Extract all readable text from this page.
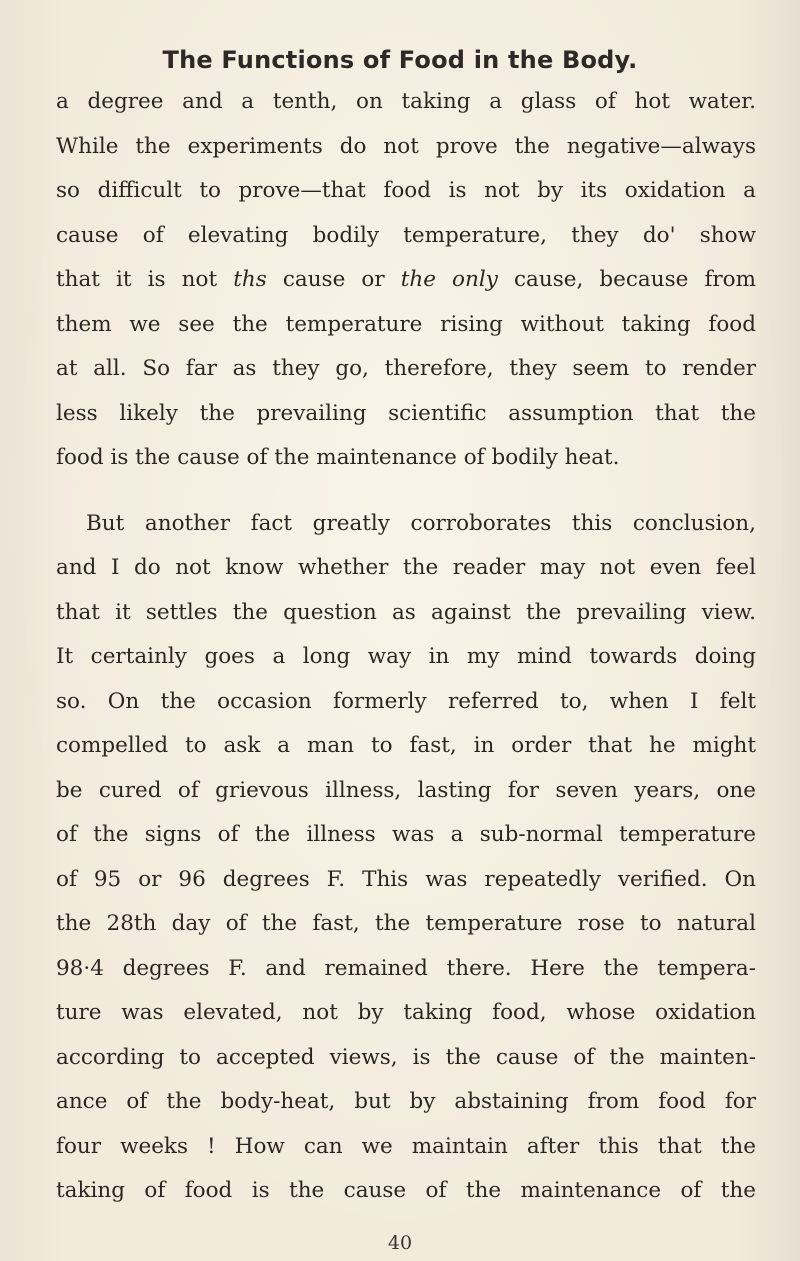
The Functions of Food in the Body.
a degree and a tenth, on taking a glass of hot water.
While the experiments do not prove the negative—always
so difficult to prove—that food is not by its oxidation a
cause of elevating bodily temperature, they do' show
that it is not ths cause or the only cause, because from
them we see the temperature rising without taking food
at all. So far as they go, therefore, they seem to render
less likely the prevailing scientific assumption that the
food is the cause of the maintenance of bodily heat.
But another fact greatly corroborates this conclusion,
and I do not know whether the reader may not even feel
that it settles the question as against the prevailing view.
It certainly goes a long way in my mind towards doing
so. On the occasion formerly referred to, when I felt
compelled to ask a man to fast, in order that he might
be cured of grievous illness, lasting for seven years, one
of the signs of the illness was a sub-normal temperature
of 95 or 96 degrees F. This was repeatedly verified. On
the 28th day of the fast, the temperature rose to natural
98·4 degrees F. and remained there. Here the tempera-
ture was elevated, not by taking food, whose oxidation
according to accepted views, is the cause of the mainten-
ance of the body-heat, but by abstaining from food for
four weeks ! How can we maintain after this that the
taking of food is the cause of the maintenance of the
40
